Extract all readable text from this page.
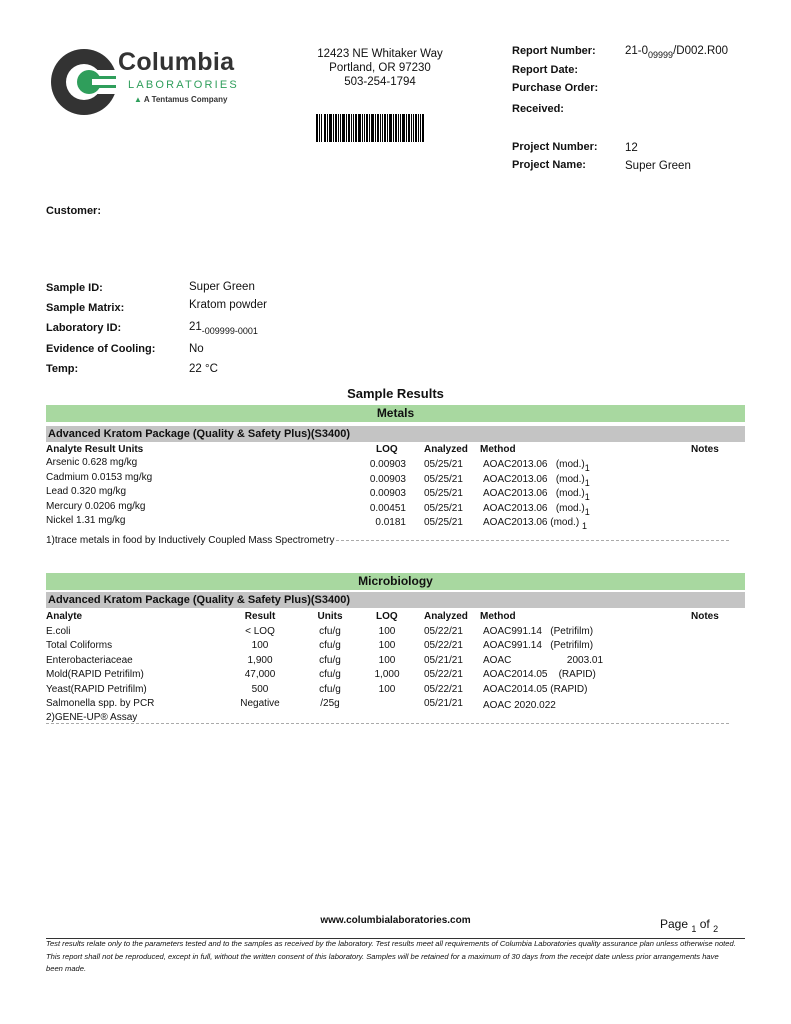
Columbia
LABORATORIES
▲ A Tentamus Company
12423 NE Whitaker Way
Portland, OR 97230
503-254-1794
Report Number:	$21-0_{09999}/D002.R00$
Report Date:
Purchase Order:
Received:
Project Number: 12
Project Name:	Super Green
Customer:
Sample ID:	Super Green
Sample Matrix:	Kratom powder
Laboratory ID:	$21_{-009999-0001}$
Evidence of Cooling:	No
Temp:	22 °C
Sample Results
Metals
Advanced Kratom Package (Quality & Safety Plus)(S3400)
Analyte Result Units	LOQ	Analyzed Method	Notes
Arsenic 0.628 mg/kg	0.00903 05/25/21 AOAC2013.06   (mod.)1
Cadmium 0.0153 mg/kg	0.00903 05/25/21 AOAC2013.06   (mod.)1
Lead 0.320 mg/kg	0.00903 05/25/21 AOAC2013.06   (mod.)1
Mercury 0.0206 mg/kg	0.00451 05/25/21 AOAC2013.06   (mod.)1
Nickel 1.31 mg/kg	0.0181 05/25/21 AOAC2013.06 (mod.) 1
1)trace metals in food by Inductively Coupled Mass Spectrometry
Microbiology
Advanced Kratom Package (Quality & Safety Plus)(S3400)
Analyte	Result	Units	LOQ	Analyzed Method	Notes
E.coli	< LOQ	cfu/g	100	05/22/21 AOAC991.14   (Petrifilm)
Total Coliforms	100	cfu/g	100	05/22/21 AOAC991.14   (Petrifilm)
Enterobacteriaceae	1,900	cfu/g	100	05/21/21 AOAC                    2003.01
Mold(RAPID Petrifilm)	47,000	cfu/g	1,000	05/22/21 AOAC2014.05    (RAPID)
Yeast(RAPID Petrifilm)	500	cfu/g	100	05/22/21 AOAC2014.05 (RAPID)
Salmonella spp. by PCR	Negative	/25g	05/21/21 AOAC 2020.022
2)GENE-UP® Assay
www.columbialaboratories.com	Page $_1$ of $_2$
Test results relate only to the parameters tested and to the samples as received by the laboratory. Test results meet all requirements of Columbia Laboratories quality assurance plan unless otherwise noted. This report shall not be reproduced, except in full, without the written consent of this laboratory. Samples will be retained for a maximum of 30 days from the receipt date unless prior arrangements have been made.
